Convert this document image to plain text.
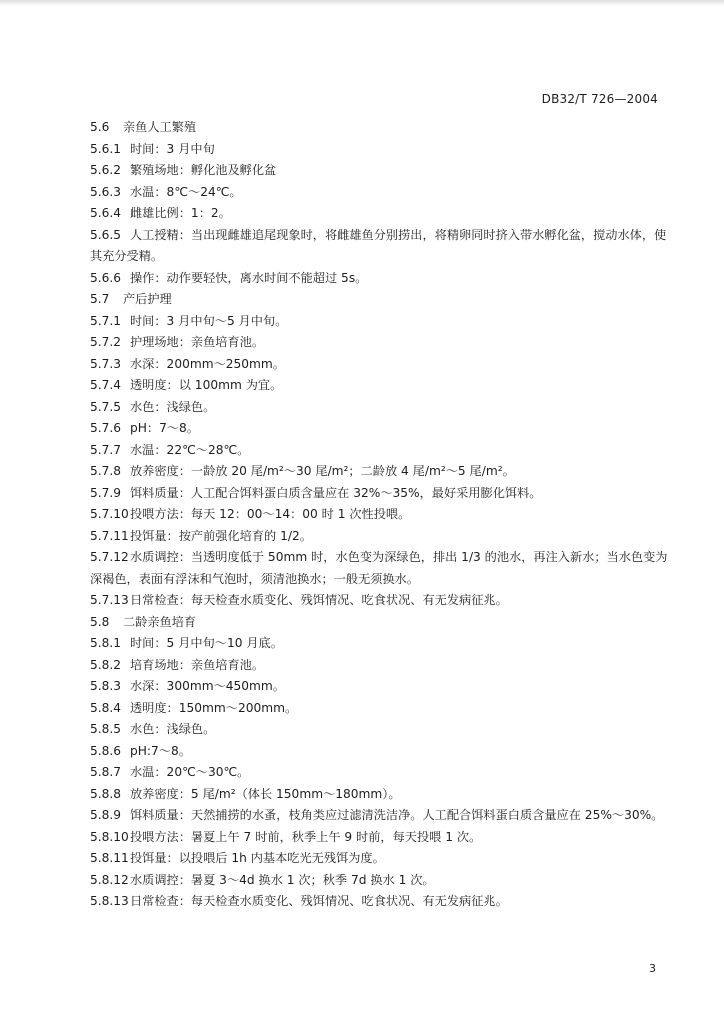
DB32/T 726—2004
5.6 亲鱼人工繁殖
5.6.1 时间：3 月中旬
5.6.2 繁殖场地：孵化池及孵化盆
5.6.3 水温：8℃～24℃。
5.6.4 雌雄比例：1：2。
5.6.5 人工授精：当出现雌雄追尾现象时，将雌雄鱼分别捞出，将精卵同时挤入带水孵化盆，搅动水体，使其充分受精。
5.6.6 操作：动作要轻快，离水时间不能超过 5s。
5.7 产后护理
5.7.1 时间：3 月中旬～5 月中旬。
5.7.2 护理场地：亲鱼培育池。
5.7.3 水深：200mm～250mm。
5.7.4 透明度：以 100mm 为宜。
5.7.5 水色：浅绿色。
5.7.6 pH：7～8。
5.7.7 水温：22℃～28℃。
5.7.8 放养密度：一龄放 20 尾/m²～30 尾/m²；二龄放 4 尾/m²～5 尾/m²。
5.7.9 饵料质量：人工配合饵料蛋白质含量应在 32%～35%，最好采用膨化饵料。
5.7.10投喂方法：每天 12：00～14：00 时 1 次性投喂。
5.7.11投饵量：按产前强化培育的 1/2。
5.7.12水质调控：当透明度低于 50mm 时，水色变为深绿色，排出 1/3 的池水，再注入新水；当水色变为深褐色，表面有浮沫和气泡时，须清池换水；一般无须换水。
5.7.13日常检查：每天检查水质变化、残饵情况、吃食状况、有无发病征兆。
5.8 二龄亲鱼培育
5.8.1 时间：5 月中旬～10 月底。
5.8.2 培育场地：亲鱼培育池。
5.8.3 水深：300mm～450mm。
5.8.4 透明度：150mm～200mm。
5.8.5 水色：浅绿色。
5.8.6 pH:7～8。
5.8.7 水温：20℃～30℃。
5.8.8 放养密度：5 尾/m²（体长 150mm～180mm）。
5.8.9 饵料质量：天然捕捞的水蚤，枝角类应过滤清洗洁净。人工配合饵料蛋白质含量应在 25%～30%。
5.8.10投喂方法：暑夏上午 7 时前，秋季上午 9 时前，每天投喂 1 次。
5.8.11投饵量：以投喂后 1h 内基本吃光无残饵为度。
5.8.12水质调控：暑夏 3～4d 换水 1 次；秋季 7d 换水 1 次。
5.8.13日常检查：每天检查水质变化、残饵情况、吃食状况、有无发病征兆。
3
